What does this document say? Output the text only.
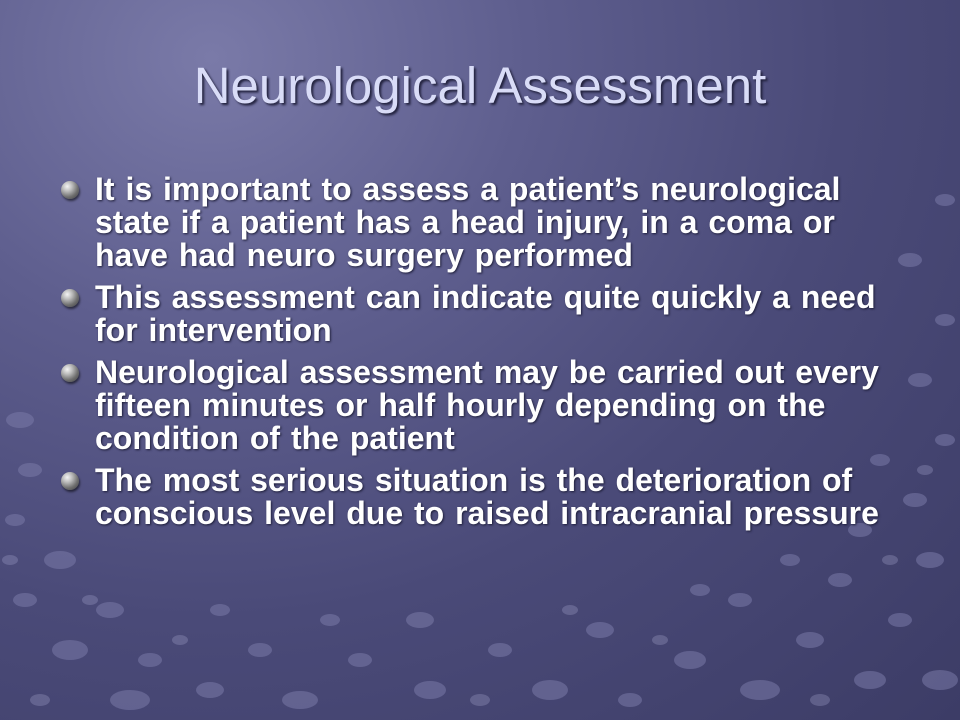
Neurological Assessment
It is important to assess a patient’s neurological state if a patient has a head injury, in a coma or have had neuro surgery performed
This assessment can indicate quite quickly a need for intervention
Neurological assessment may be carried out every fifteen minutes or half hourly depending on the condition of the patient
The most serious situation is the deterioration of conscious level due to raised intracranial pressure
